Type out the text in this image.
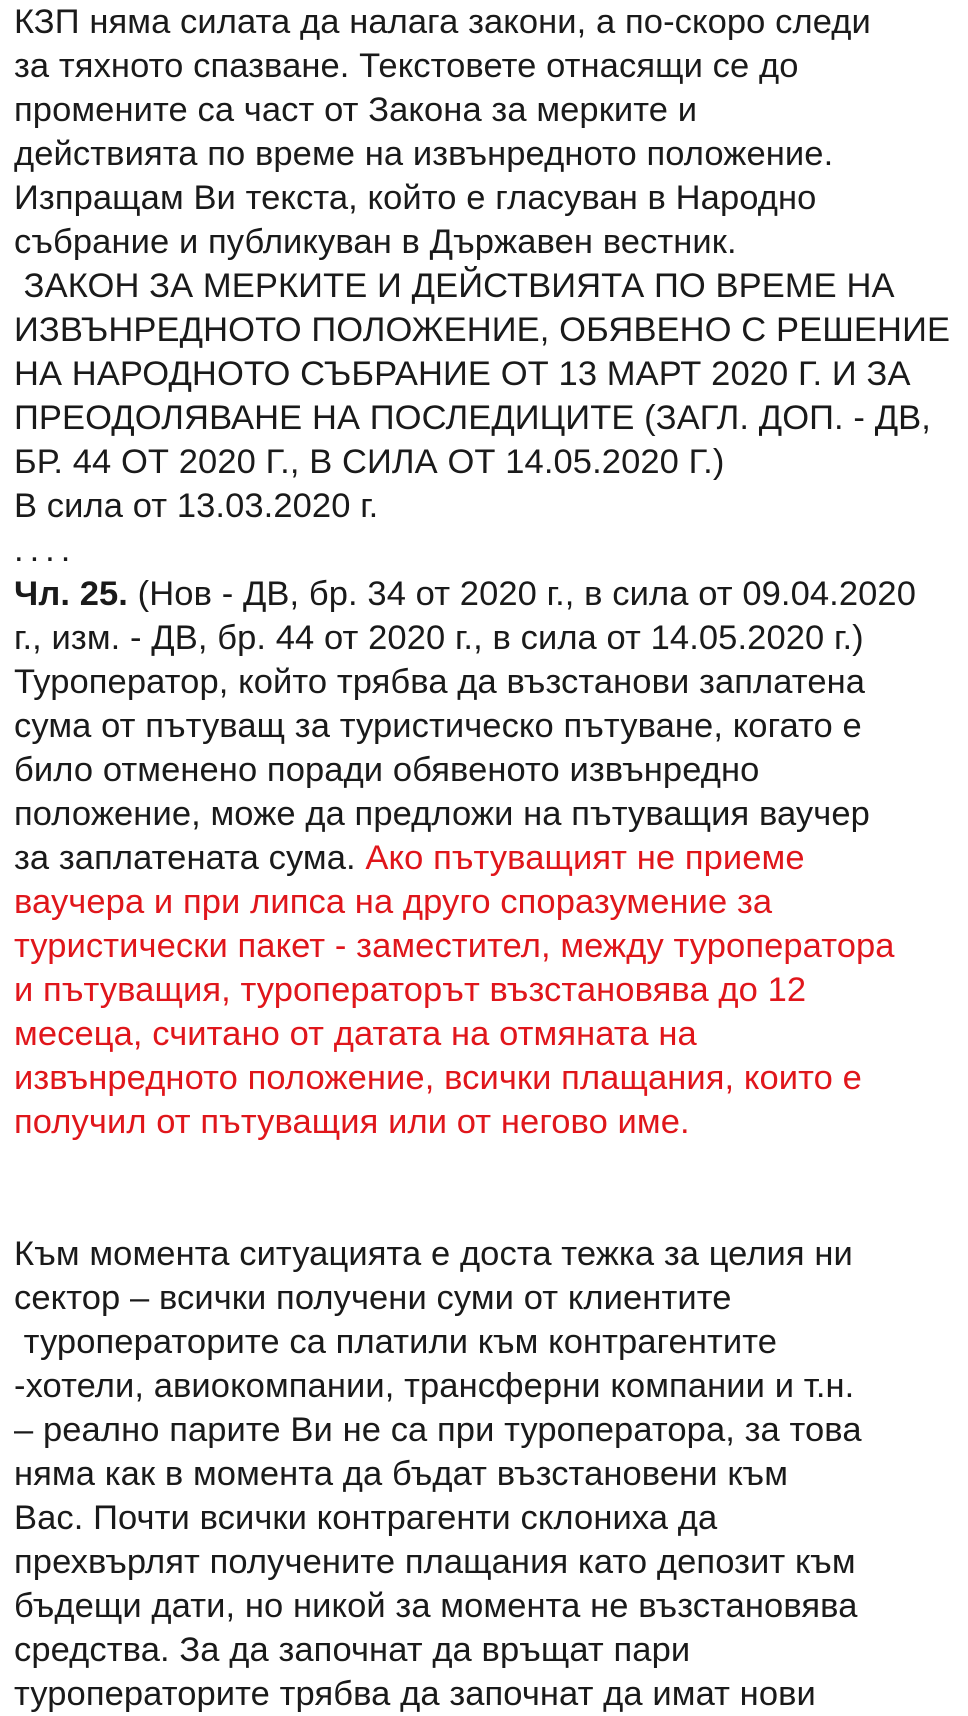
КЗП няма силата да налага закони, а по-скоро следи
за тяхното спазване. Текстовете отнасящи се до
промените са част от Закона за мерките и
действията по време на извънредното положение.
Изпращам Ви текста, който е гласуван в Народно
събрание и публикуван в Държавен вестник.
ЗАКОН ЗА МЕРКИТЕ И ДЕЙСТВИЯТА ПО ВРЕМЕ НА
ИЗВЪНРЕДНОТО ПОЛОЖЕНИЕ, ОБЯВЕНО С РЕШЕНИЕ
НА НАРОДНОТО СЪБРАНИЕ ОТ 13 МАРТ 2020 Г. И ЗА
ПРЕОДОЛЯВАНЕ НА ПОСЛЕДИЦИТЕ (ЗАГЛ. ДОП. - ДВ,
БР. 44 ОТ 2020 Г., В СИЛА ОТ 14.05.2020 Г.)
В сила от 13.03.2020 г.
....
Чл. 25. (Нов - ДВ, бр. 34 от 2020 г., в сила от 09.04.2020
г., изм. - ДВ, бр. 44 от 2020 г., в сила от 14.05.2020 г.)
Туроператор, който трябва да възстанови заплатена
сума от пътуващ за туристическо пътуване, когато е
било отменено поради обявеното извънредно
положение, може да предложи на пътуващия ваучер
за заплатената сума. Ако пътуващият не приеме
ваучера и при липса на друго споразумение за
туристически пакет - заместител, между туроператора
и пътуващия, туроператорът възстановява до 12
месеца, считано от датата на отмяната на
извънредното положение, всички плащания, които е
получил от пътуващия или от негово име.
Към момента ситуацията е доста тежка за целия ни
сектор – всички получени суми от клиентите
туроператорите са платили към контрагентите
-хотели, авиокомпании, трансферни компании и т.н.
– реално парите Ви не са при туроператора, за това
няма как в момента да бъдат възстановени към
Вас. Почти всички контрагенти склониха да
прехвърлят получените плащания като депозит към
бъдещи дати, но никой за момента не възстановява
средства. За да започнат да връщат пари
туроператорите трябва да започнат да имат нови
